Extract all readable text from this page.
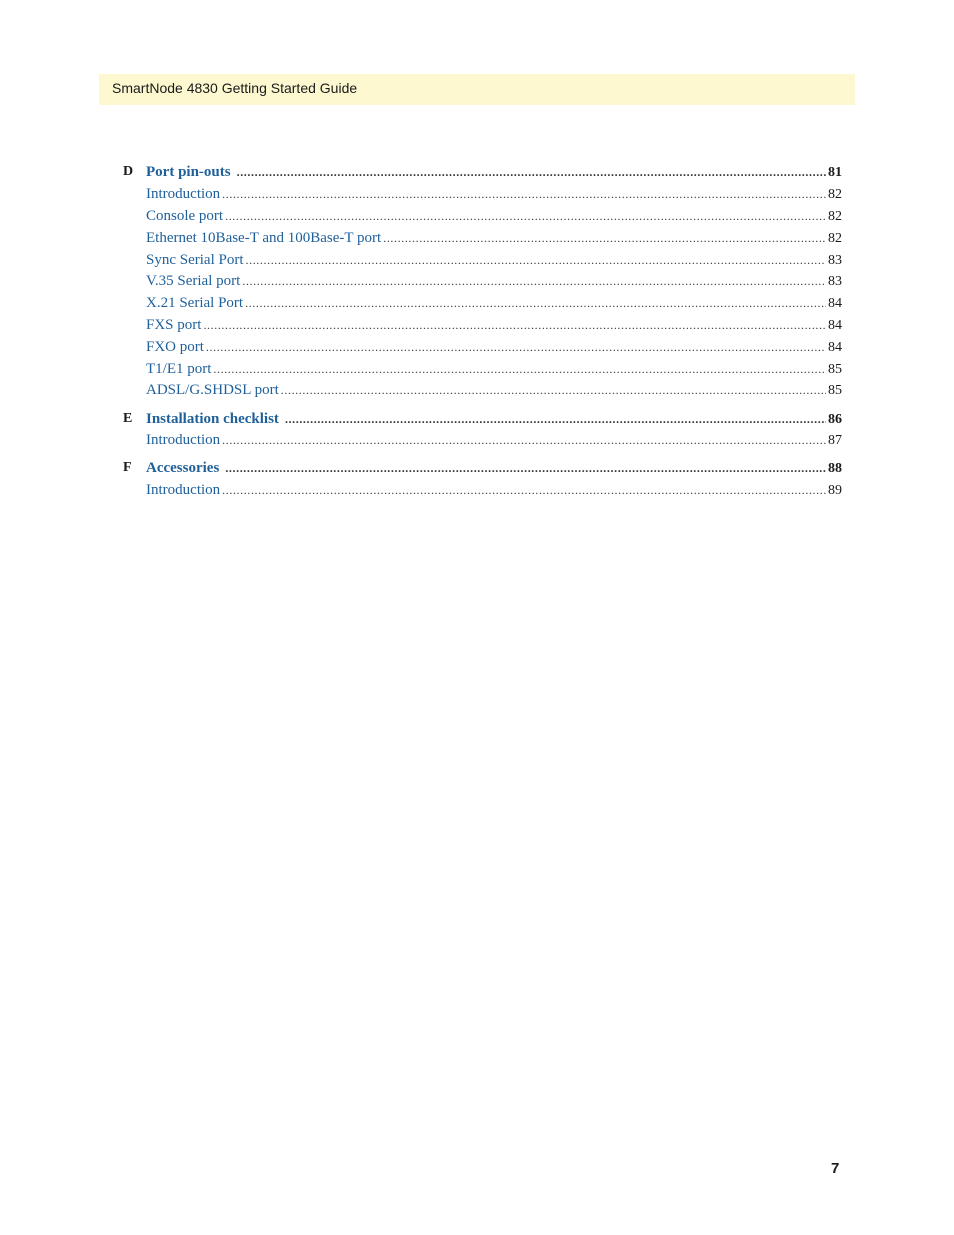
SmartNode 4830 Getting Started Guide
D Port pin-outs .....	81
Introduction .....	82
Console port .....	82
Ethernet 10Base-T and 100Base-T port .....	82
Sync Serial Port .....	83
V.35 Serial port .....	83
X.21 Serial Port .....	84
FXS port .....	84
FXO port .....	84
T1/E1 port .....	85
ADSL/G.SHDSL port .....	85
E Installation checklist .....	86
Introduction .....	87
F Accessories .....	88
Introduction .....	89
7
